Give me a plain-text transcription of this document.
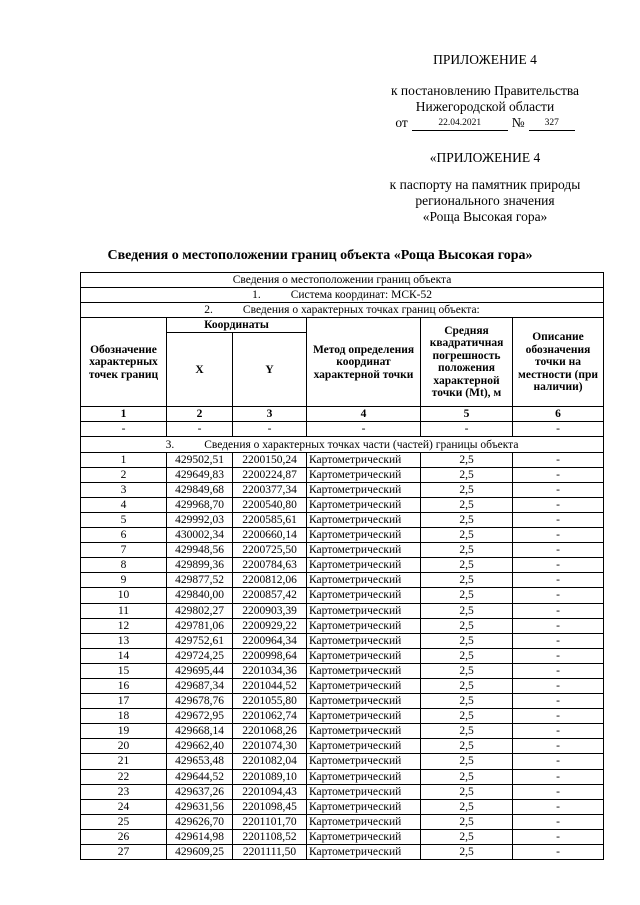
ПРИЛОЖЕНИЕ 4
к постановлению Правительства
Нижегородской области
от	22.04.2021	№	327
«ПРИЛОЖЕНИЕ 4
к паспорту на памятник природы
регионального значения
«Роща Высокая гора»
Сведения о местоположении границ объекта «Роща Высокая гора»
Сведения о местоположении границ объекта					
1. Система координат: МСК-52					
2. Сведения о характерных точках границ объекта:					
Обозначение характерных точек границ	Координаты		Метод определения координат характерной точки	Средняя квадратичная погрешность положения характерной точки (Mt), м	Описание обозначения точки на местности (при наличии)
	X	Y			
1	2	3	4	5	6
-	-	-	-	-	-
3. Сведения о характерных точках части (частей) границы объекта					
1	429502,51	2200150,24	Картометрический	2,5	-
2	429649,83	2200224,87	Картометрический	2,5	-
3	429849,68	2200377,34	Картометрический	2,5	-
4	429968,70	2200540,80	Картометрический	2,5	-
5	429992,03	2200585,61	Картометрический	2,5	-
6	430002,34	2200660,14	Картометрический	2,5	-
7	429948,56	2200725,50	Картометрический	2,5	-
8	429899,36	2200784,63	Картометрический	2,5	-
9	429877,52	2200812,06	Картометрический	2,5	-
10	429840,00	2200857,42	Картометрический	2,5	-
11	429802,27	2200903,39	Картометрический	2,5	-
12	429781,06	2200929,22	Картометрический	2,5	-
13	429752,61	2200964,34	Картометрический	2,5	-
14	429724,25	2200998,64	Картометрический	2,5	-
15	429695,44	2201034,36	Картометрический	2,5	-
16	429687,34	2201044,52	Картометрический	2,5	-
17	429678,76	2201055,80	Картометрический	2,5	-
18	429672,95	2201062,74	Картометрический	2,5	-
19	429668,14	2201068,26	Картометрический	2,5	-
20	429662,40	2201074,30	Картометрический	2,5	-
21	429653,48	2201082,04	Картометрический	2,5	-
22	429644,52	2201089,10	Картометрический	2,5	-
23	429637,26	2201094,43	Картометрический	2,5	-
24	429631,56	2201098,45	Картометрический	2,5	-
25	429626,70	2201101,70	Картометрический	2,5	-
26	429614,98	2201108,52	Картометрический	2,5	-
27	429609,25	2201111,50	Картометрический	2,5	-
